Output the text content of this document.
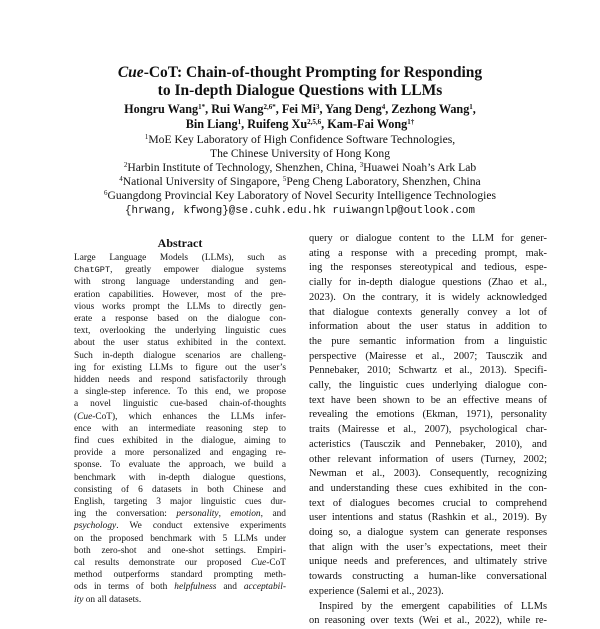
Cue-CoT: Chain-of-thought Prompting for Responding
to In-depth Dialogue Questions with LLMs
Hongru Wang$^{1*}$, Rui Wang$^{2,6*}$, Fei Mi$^3$, Yang Deng$^4$, Zezhong Wang$^1$,
Bin Liang$^1$, Ruifeng Xu$^{2,5,6}$, Kam-Fai Wong$^{1\dagger}$
$^1$MoE Key Laboratory of High Confidence Software Technologies,
The Chinese University of Hong Kong
$^2$Harbin Institute of Technology, Shenzhen, China, $^3$Huawei Noah’s Ark Lab
$^4$National University of Singapore, $^5$Peng Cheng Laboratory, Shenzhen, China
$^6$Guangdong Provincial Key Laboratory of Novel Security Intelligence Technologies
{hrwang, kfwong}@se.cuhk.edu.hk ruiwangnlp@outlook.com
Abstract
Large Language Models (LLMs), such as
ChatGPT, greatly empower dialogue systems
with strong language understanding and gen-
eration capabilities. However, most of the pre-
vious works prompt the LLMs to directly gen-
erate a response based on the dialogue con-
text, overlooking the underlying linguistic cues
about the user status exhibited in the context.
Such in-depth dialogue scenarios are challeng-
ing for existing LLMs to figure out the user’s
hidden needs and respond satisfactorily through
a single-step inference. To this end, we propose
a novel linguistic cue-based chain-of-thoughts
(Cue-CoT), which enhances the LLMs infer-
ence with an intermediate reasoning step to
find cues exhibited in the dialogue, aiming to
provide a more personalized and engaging re-
sponse. To evaluate the approach, we build a
benchmark with in-depth dialogue questions,
consisting of 6 datasets in both Chinese and
English, targeting 3 major linguistic cues dur-
ing the conversation: personality, emotion, and
psychology. We conduct extensive experiments
on the proposed benchmark with 5 LLMs under
both zero-shot and one-shot settings. Empiri-
cal results demonstrate our proposed Cue-CoT
method outperforms standard prompting meth-
ods in terms of both helpfulness and acceptabil-
ity on all datasets.
query or dialogue content to the LLM for gener-
ating a response with a preceding prompt, mak-
ing the responses stereotypical and tedious, espe-
cially for in-depth dialogue questions (Zhao et al.,
2023). On the contrary, it is widely acknowledged
that dialogue contexts generally convey a lot of
information about the user status in addition to
the pure semantic information from a linguistic
perspective (Mairesse et al., 2007; Tausczik and
Pennebaker, 2010; Schwartz et al., 2013). Specifi-
cally, the linguistic cues underlying dialogue con-
text have been shown to be an effective means of
revealing the emotions (Ekman, 1971), personality
traits (Mairesse et al., 2007), psychological char-
acteristics (Tausczik and Pennebaker, 2010), and
other relevant information of users (Turney, 2002;
Newman et al., 2003). Consequently, recognizing
and understanding these cues exhibited in the con-
text of dialogues becomes crucial to comprehend
user intentions and status (Rashkin et al., 2019). By
doing so, a dialogue system can generate responses
that align with the user’s expectations, meet their
unique needs and preferences, and ultimately strive
towards constructing a human-like conversational
experience (Salemi et al., 2023).
Inspired by the emergent capabilities of LLMs
on reasoning over texts (Wei et al., 2022), while re-
